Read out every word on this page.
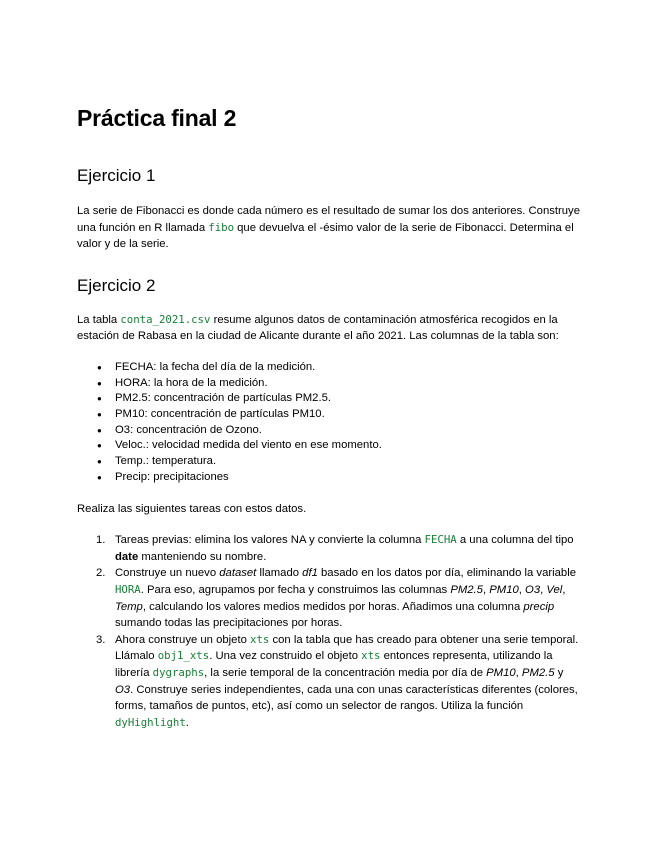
Práctica final 2
Ejercicio 1

La serie de Fibonacci es donde cada número es el resultado de sumar los dos anteriores. Construye una función en R llamada fibo que devuelva el -ésimo valor de la serie de Fibonacci. Determina el valor y de la serie.

Ejercicio 2

La tabla conta_2021.csv resume algunos datos de contaminación atmosférica recogidos en la estación de Rabasa en la ciudad de Alicante durante el año 2021. Las columnas de la tabla son:

● FECHA: la fecha del día de la medición.
● HORA: la hora de la medición.
● PM2.5: concentración de partículas PM2.5.
● PM10: concentración de partículas PM10.
● O3: concentración de Ozono.
● Veloc.: velocidad medida del viento en ese momento.
● Temp.: temperatura.
● Precip: precipitaciones

Realiza las siguientes tareas con estos datos.

1. Tareas previas: elimina los valores NA y convierte la columna FECHA a una columna del tipo date manteniendo su nombre.
2. Construye un nuevo dataset llamado df1 basado en los datos por día, eliminando la variable HORA. Para eso, agrupamos por fecha y construimos las columnas PM2.5, PM10, O3, Vel, Temp, calculando los valores medios medidos por horas. Añadimos una columna precip sumando todas las precipitaciones por horas.
3. Ahora construye un objeto xts con la tabla que has creado para obtener una serie temporal. Llámalo obj1_xts. Una vez construido el objeto xts entonces representa, utilizando la librería dygraphs, la serie temporal de la concentración media por día de PM10, PM2.5 y O3. Construye series independientes, cada una con unas características diferentes (colores, forms, tamaños de puntos, etc), así como un selector de rangos. Utiliza la función dyHighlight.
